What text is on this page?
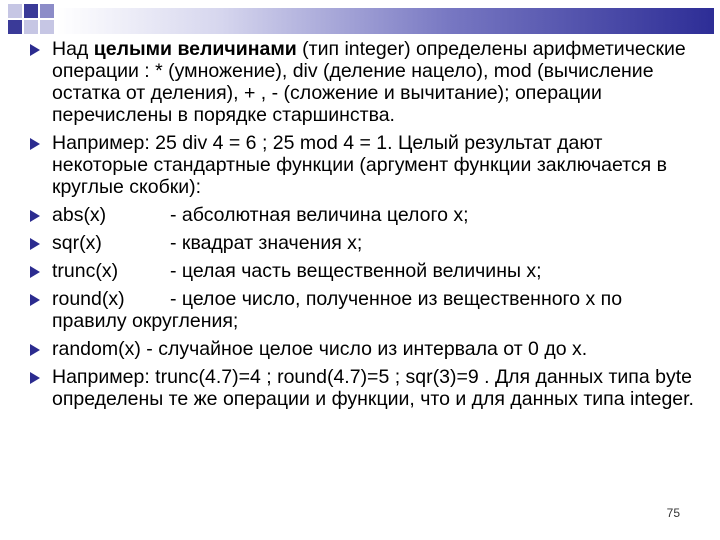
Над целыми величинами (тип integer) определены арифметические операции : * (умножение), div (деление нацело), mod (вычисление остатка от деления), + , - (сложение и вычитание); операции перечислены в порядке старшинства.
Например: 25 div 4 = 6 ; 25 mod 4 = 1. Целый результат дают некоторые стандартные функции (аргумент функции заключается в круглые скобки):
abs(x)	- абсолютная величина целого x;
sqr(x)	- квадрат значения x;
trunc(x)	- целая часть вещественной величины x;
round(x) - целое число, полученное из вещественного x по правилу округления;
random(x) - случайное целое число из интервала от 0 до x.
Например: trunc(4.7)=4 ; round(4.7)=5 ; sqr(3)=9 . Для данных типа byte определены те же операции и функции, что и для данных типа integer.
75
